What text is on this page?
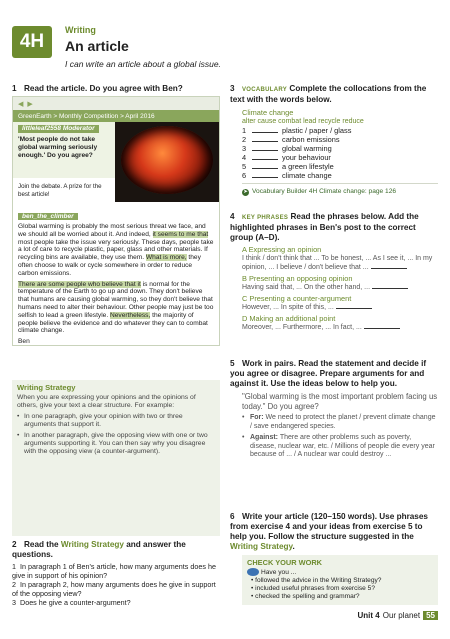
4H
Writing
An article
I can write an article about a global issue.
1 Read the article. Do you agree with Ben?
◀ ▶
GreenEarth > Monthly Competition > April 2016
littleleaf2558 Moderator
'Most people do not take global warming seriously enough.' Do you agree?
Join the debate. A prize for the best article!
ben_the_climber

Global warming is probably the most serious threat we face, and we should all be worried about it. And indeed, it seems to me that most people take the issue very seriously. These days, people take a lot of care to recycle plastic, paper, glass and other materials. If recycling bins are available, they use them. What is more, they often choose to walk or cycle somewhere in order to reduce carbon emissions.

There are some people who believe that it is normal for the temperature of the Earth to go up and down. They don't believe that humans are causing global warming, so they don't believe that humans need to alter their behaviour. Other people may just be too selfish to lead a green lifestyle. Nevertheless, the majority of people believe the evidence and do whatever they can to combat climate change.

Ben

Writing Strategy
When you are expressing your opinions and the opinions of others, give your text a clear structure. For example:
• In one paragraph, give your opinion with two or three arguments that support it.
• In another paragraph, give the opposing view with one or two arguments supporting it. You can then say why you disagree with the opposing view (a counter-argument).
2 Read the Writing Strategy and answer the questions.
1 In paragraph 1 of Ben's article, how many arguments does he give in support of his opinion?
2 In paragraph 2, how many arguments does he give in support of the opposing view?
3 Does he give a counter-argument?
3 VOCABULARY Complete the collocations from the text with the words below.
Climate change
alter cause combat lead recycle reduce
1	plastic / paper / glass
2	carbon emissions
3	global warming
4	your behaviour
5	a green lifestyle
6	climate change
➤ Vocabulary Builder 4H Climate change: page 126
4 KEY PHRASES Read the phrases below. Add the highlighted phrases in Ben's post to the correct group (A–D).
A Expressing an opinion
I think / don't think that ... To be honest, ... As I see it, ... In my opinion, ... I believe / don't believe that ...
B Presenting an opposing opinion
Having said that, ... On the other hand, ...
C Presenting a counter-argument
However, ... In spite of this, ...
D Making an additional point
Moreover, ... Furthermore, ... In fact, ...
5 Work in pairs. Read the statement and decide if you agree or disagree. Prepare arguments for and against it. Use the ideas below to help you.
"Global warming is the most important problem facing us today." Do you agree?
• For: We need to protect the planet / prevent climate change / save endangered species.
• Against: There are other problems such as poverty, disease, nuclear war, etc. / Millions of people die every year because of ... / A nuclear war could destroy ...
6 Write your article (120–150 words). Use phrases from exercise 4 and your ideas from exercise 5 to help you. Follow the structure suggested in the Writing Strategy.
CHECK YOUR WORK
Have you ...
• followed the advice in the Writing Strategy?
• included useful phrases from exercise 5?
• checked the spelling and grammar?
Unit 4 Our planet 55
